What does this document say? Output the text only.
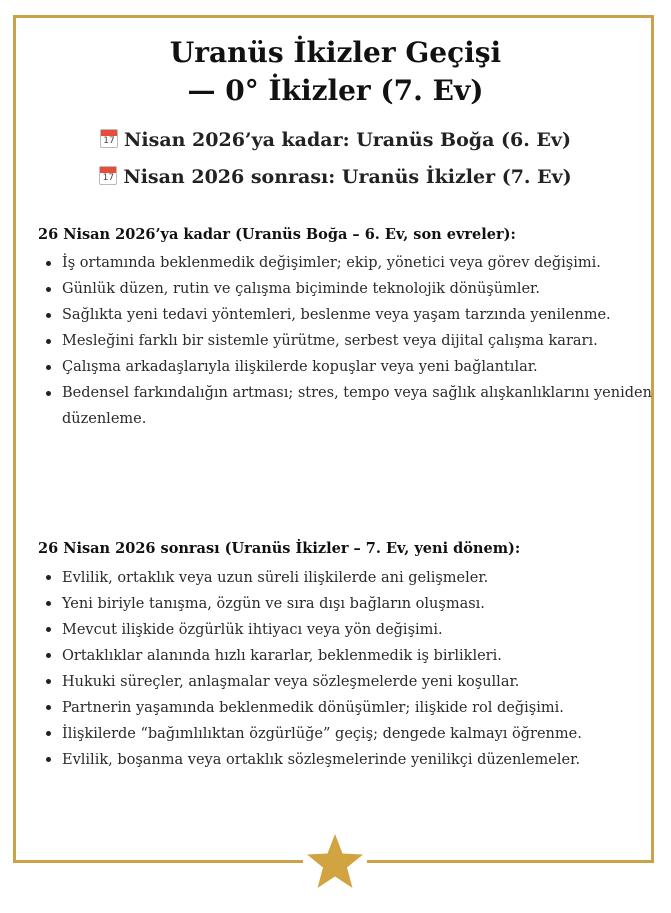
Uranüs İkizler Geçişi
— 0° İkizler (7. Ev)
17 Nisan 2026’ya kadar: Uranüs Boğa (6. Ev)
17 Nisan 2026 sonrası: Uranüs İkizler (7. Ev)
26 Nisan 2026’ya kadar (Uranüs Boğa – 6. Ev, son evreler):
İş ortamında beklenmedik değişimler; ekip, yönetici veya görev değişimi.
Günlük düzen, rutin ve çalışma biçiminde teknolojik dönüşümler.
Sağlıkta yeni tedavi yöntemleri, beslenme veya yaşam tarzında yenilenme.
Mesleğini farklı bir sistemle yürütme, serbest veya dijital çalışma kararı.
Çalışma arkadaşlarıyla ilişkilerde kopuşlar veya yeni bağlantılar.
Bedensel farkındalığın artması; stres, tempo veya sağlık alışkanlıklarını yeniden düzenleme.
26 Nisan 2026 sonrası (Uranüs İkizler – 7. Ev, yeni dönem):
Evlilik, ortaklık veya uzun süreli ilişkilerde ani gelişmeler.
Yeni biriyle tanışma, özgün ve sıra dışı bağların oluşması.
Mevcut ilişkide özgürlük ihtiyacı veya yön değişimi.
Ortaklıklar alanında hızlı kararlar, beklenmedik iş birlikleri.
Hukuki süreçler, anlaşmalar veya sözleşmelerde yeni koşullar.
Partnerin yaşamında beklenmedik dönüşümler; ilişkide rol değişimi.
İlişkilerde “bağımlılıktan özgürlüğe” geçiş; dengede kalmayı öğrenme.
Evlilik, boşanma veya ortaklık sözleşmelerinde yenilikçi düzenlemeler.
